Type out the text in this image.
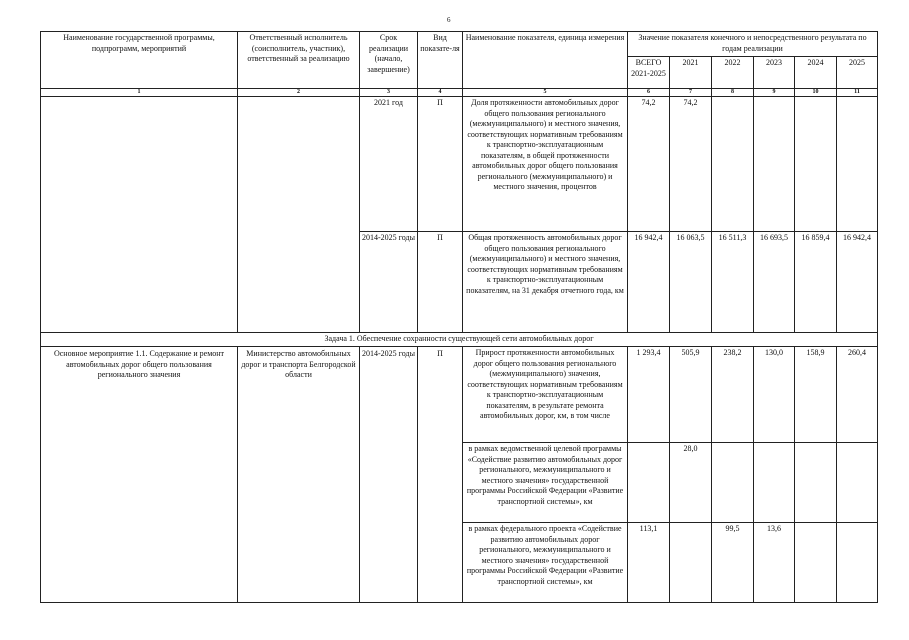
6
Наименование государственной программы, подпрограмм, мероприятий	Ответственный исполнитель (соисполнитель, участник), ответственный за реализацию	Срок реализации (начало, завершение)	Вид показате-ля	Наименование показателя, единица измерения	Значение показателя конечного и непосредственного результата по годам реализации					
					ВСЕГО 2021-2025	2021	2022	2023	2024	2025
1	2	3	4	5	6	7	8	9	10	11
		2021 год	П	Доля протяженности автомобильных дорог общего пользования регионального (межмуниципального) и местного значения, соответствующих нормативным требованиям к транспортно-эксплуатационным показателям, в общей протяженности автомобильных дорог общего пользования регионального (межмуниципального) и местного значения, процентов	74,2	74,2				
		2014-2025 годы	П	Общая протяженность автомобильных дорог общего пользования регионального (межмуниципального) и местного значения, соответствующих нормативным требованиям к транспортно-эксплуатационным показателям, на 31 декабря отчетного года, км	16 942,4	16 063,5	16 511,3	16 693,5	16 859,4	16 942,4
Задача 1. Обеспечение сохранности существующей сети автомобильных дорог										
Основное мероприятие 1.1. Содержание и ремонт автомобильных дорог общего пользования регионального значения	Министерство автомобильных дорог и транспорта Белгородской области	2014-2025 годы	П	Прирост протяженности автомобильных дорог общего пользования регионального (межмуниципального) значения, соответствующих нормативным требованиям к транспортно-эксплуатационным показателям, в результате ремонта автомобильных дорог, км, в том числе	1 293,4	505,9	238,2	130,0	158,9	260,4
				в рамках ведомственной целевой программы «Содействие развитию автомобильных дорог регионального, межмуниципального и местного значения» государственной программы Российской Федерации «Развитие транспортной системы», км		28,0				
				в рамках федерального проекта «Содействие развитию автомобильных дорог регионального, межмуниципального и местного значения» государственной программы Российской Федерации «Развитие транспортной системы», км	113,1		99,5	13,6		
